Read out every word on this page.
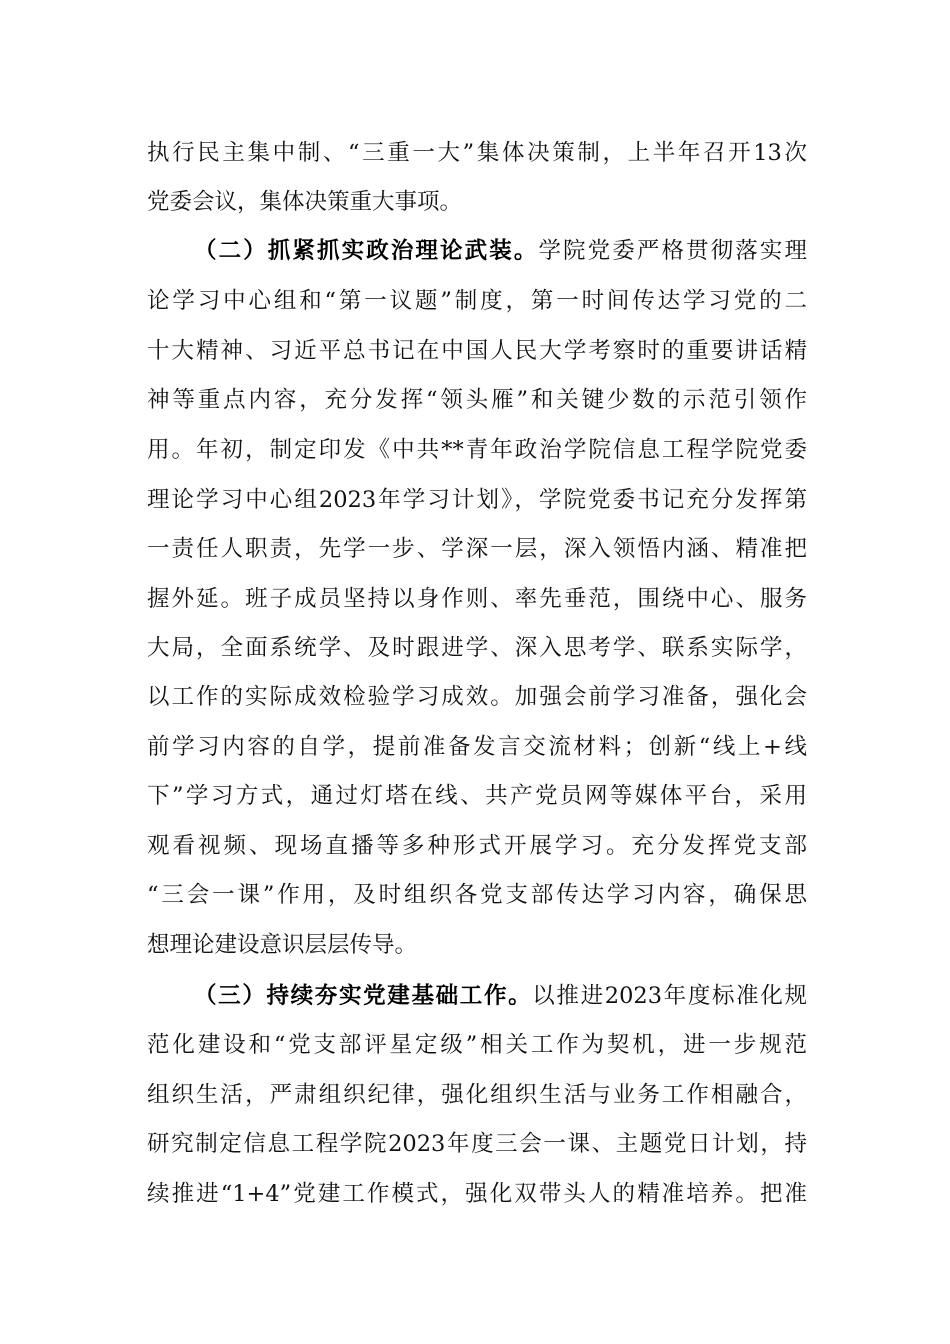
执行民主集中制、“三重一大”集体决策制，上半年召开13次
党委会议，集体决策重大事项。
（二）抓紧抓实政治理论武装。学院党委严格贯彻落实理
论学习中心组和“第一议题”制度，第一时间传达学习党的二
十大精神、习近平总书记在中国人民大学考察时的重要讲话精
神等重点内容，充分发挥“领头雁”和关键少数的示范引领作
用。年初，制定印发《中共**青年政治学院信息工程学院党委
理论学习中心组2023年学习计划》，学院党委书记充分发挥第
一责任人职责，先学一步、学深一层，深入领悟内涵、精准把
握外延。班子成员坚持以身作则、率先垂范，围绕中心、服务
大局，全面系统学、及时跟进学、深入思考学、联系实际学，
以工作的实际成效检验学习成效。加强会前学习准备，强化会
前学习内容的自学，提前准备发言交流材料；创新“线上+线
下”学习方式，通过灯塔在线、共产党员网等媒体平台，采用
观看视频、现场直播等多种形式开展学习。充分发挥党支部
“三会一课”作用，及时组织各党支部传达学习内容，确保思
想理论建设意识层层传导。
（三）持续夯实党建基础工作。以推进2023年度标准化规
范化建设和“党支部评星定级”相关工作为契机，进一步规范
组织生活，严肃组织纪律，强化组织生活与业务工作相融合，
研究制定信息工程学院2023年度三会一课、主题党日计划，持
续推进“1+4”党建工作模式，强化双带头人的精准培养。把准
